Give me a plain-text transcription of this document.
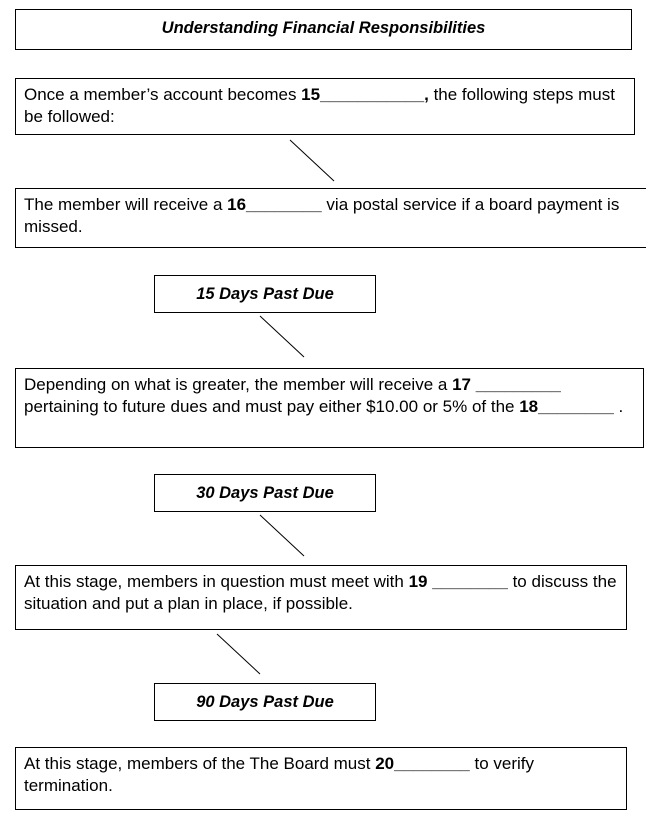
Understanding Financial Responsibilities
Once a member’s account becomes 15___________, the following steps must be followed:
The member will receive a 16________ via postal service if a board payment is missed.
15 Days Past Due
Depending on what is greater, the member will receive a 17 _________ pertaining to future dues and must pay either $10.00 or 5% of the 18________ .
30 Days Past Due
At this stage, members in question must meet with 19 ________ to discuss the situation and put a plan in place, if possible.
90 Days Past Due
At this stage, members of the The Board must 20________ to verify termination.
